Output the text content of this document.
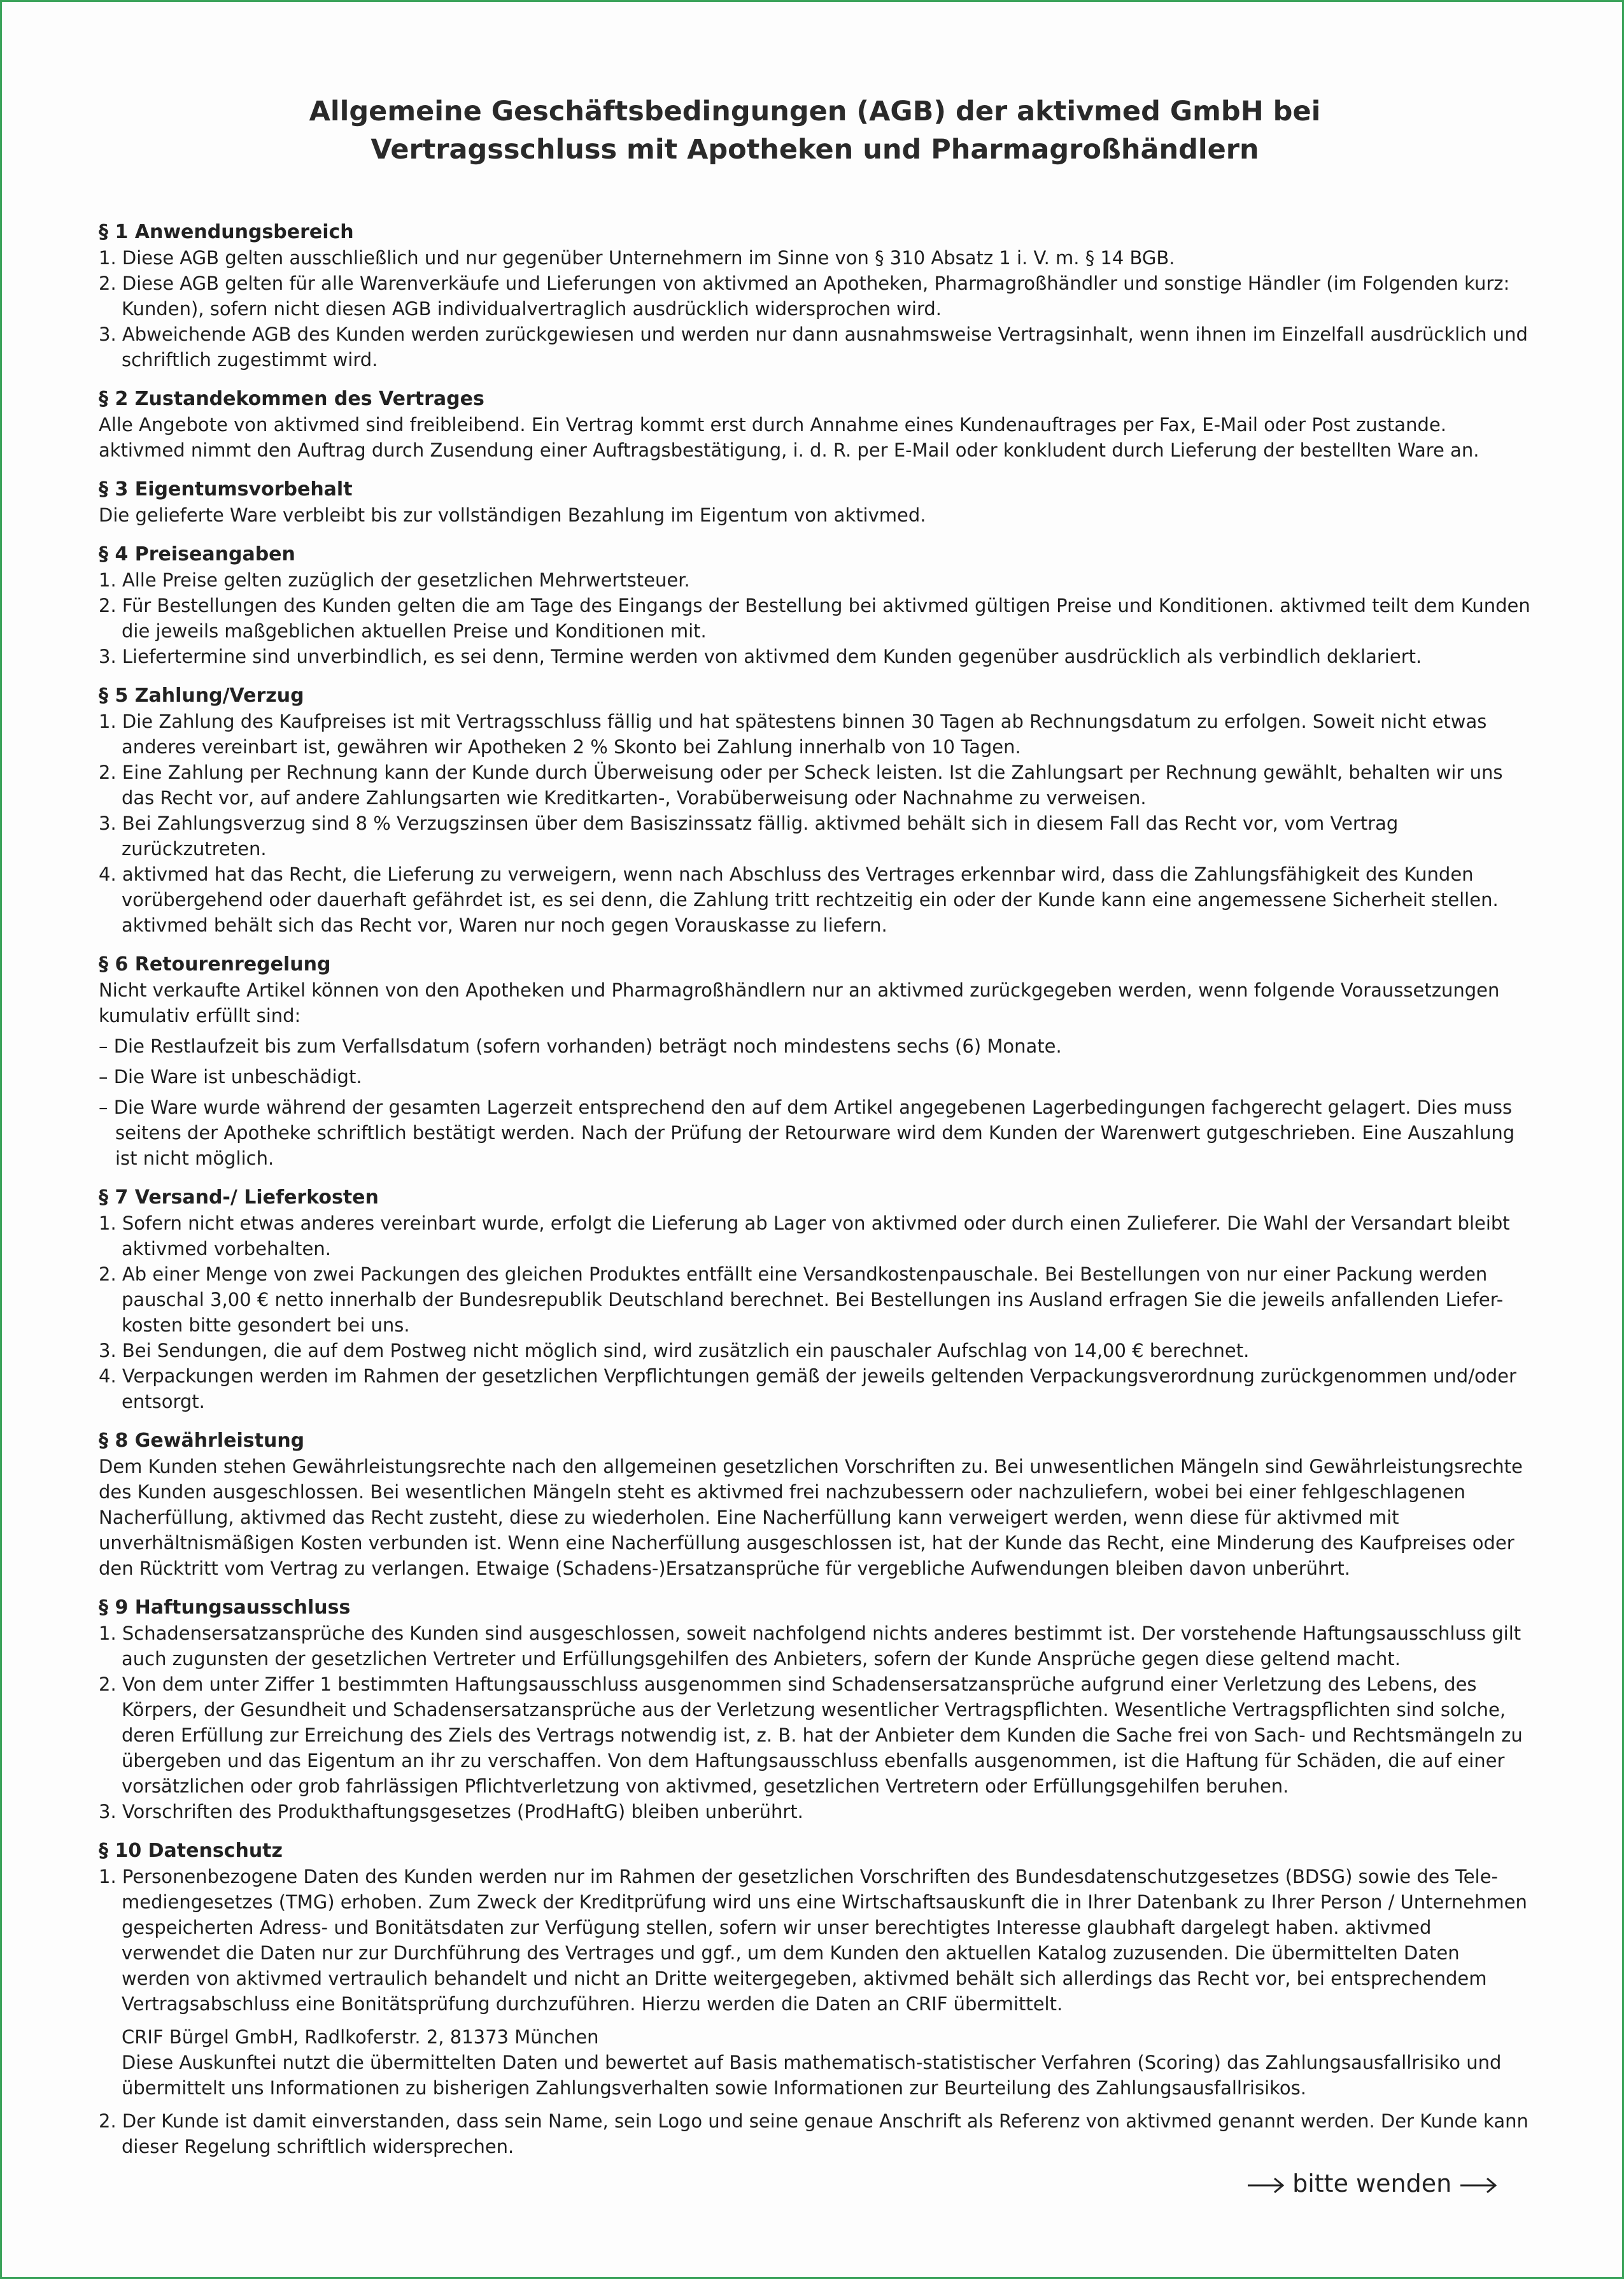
Allgemeine Geschäftsbedingungen (AGB) der aktivmed GmbH bei
Vertragsschluss mit Apotheken und Pharmagroßhändlern
§ 1 Anwendungsbereich
1. Diese AGB gelten ausschließlich und nur gegenüber Unternehmern im Sinne von § 310 Absatz 1 i. V. m. § 14 BGB.
2. Diese AGB gelten für alle Warenverkäufe und Lieferungen von aktivmed an Apotheken, Pharmagroßhändler und sonstige Händler (im Folgenden kurz: Kunden), sofern nicht diesen AGB individualvertraglich ausdrücklich widersprochen wird.
3. Abweichende AGB des Kunden werden zurückgewiesen und werden nur dann ausnahmsweise Vertragsinhalt, wenn ihnen im Einzelfall ausdrücklich und schriftlich zugestimmt wird.
§ 2 Zustandekommen des Vertrages

Alle Angebote von aktivmed sind freibleibend. Ein Vertrag kommt erst durch Annahme eines Kundenauftrages per Fax, E-Mail oder Post zustande. aktivmed nimmt den Auftrag durch Zusendung einer Auftragsbestätigung, i. d. R. per E-Mail oder konkludent durch Lieferung der bestellten Ware an.

§ 3 Eigentumsvorbehalt

Die gelieferte Ware verbleibt bis zur vollständigen Bezahlung im Eigentum von aktivmed.

§ 4 Preiseangaben
1. Alle Preise gelten zuzüglich der gesetzlichen Mehrwertsteuer.
2. Für Bestellungen des Kunden gelten die am Tage des Eingangs der Bestellung bei aktivmed gültigen Preise und Konditionen. aktivmed teilt dem Kunden die jeweils maßgeblichen aktuellen Preise und Konditionen mit.
3. Liefertermine sind unverbindlich, es sei denn, Termine werden von aktivmed dem Kunden gegenüber ausdrücklich als verbindlich deklariert.
§ 5 Zahlung/Verzug
1. Die Zahlung des Kaufpreises ist mit Vertragsschluss fällig und hat spätestens binnen 30 Tagen ab Rechnungsdatum zu erfolgen. Soweit nicht etwas anderes vereinbart ist, gewähren wir Apotheken 2 % Skonto bei Zahlung innerhalb von 10 Tagen.
2. Eine Zahlung per Rechnung kann der Kunde durch Überweisung oder per Scheck leisten. Ist die Zahlungsart per Rechnung gewählt, behalten wir uns das Recht vor, auf andere Zahlungsarten wie Kreditkarten-, Vorabüberweisung oder Nachnahme zu verweisen.
3. Bei Zahlungsverzug sind 8 % Verzugszinsen über dem Basiszinssatz fällig. aktivmed behält sich in diesem Fall das Recht vor, vom Vertrag zurückzutreten.
4. aktivmed hat das Recht, die Lieferung zu verweigern, wenn nach Abschluss des Vertrages erkennbar wird, dass die Zahlungsfähigkeit des Kunden vorübergehend oder dauerhaft gefährdet ist, es sei denn, die Zahlung tritt rechtzeitig ein oder der Kunde kann eine angemessene Sicherheit stellen. aktivmed behält sich das Recht vor, Waren nur noch gegen Vorauskasse zu liefern.
§ 6 Retourenregelung

Nicht verkaufte Artikel können von den Apotheken und Pharmagroßhändlern nur an aktivmed zurückgegeben werden, wenn folgende Voraussetzungen kumulativ erfüllt sind:

– Die Restlaufzeit bis zum Verfallsdatum (sofern vorhanden) beträgt noch mindestens sechs (6) Monate.
– Die Ware ist unbeschädigt.
– Die Ware wurde während der gesamten Lagerzeit entsprechend den auf dem Artikel angegebenen Lagerbedingungen fachgerecht gelagert. Dies muss seitens der Apotheke schriftlich bestätigt werden. Nach der Prüfung der Retourware wird dem Kunden der Warenwert gutgeschrieben. Eine Auszahlung ist nicht möglich.
§ 7 Versand-/ Lieferkosten
1. Sofern nicht etwas anderes vereinbart wurde, erfolgt die Lieferung ab Lager von aktivmed oder durch einen Zulieferer. Die Wahl der Versandart bleibt aktivmed vorbehalten.
2. Ab einer Menge von zwei Packungen des gleichen Produktes entfällt eine Versandkostenpauschale. Bei Bestellungen von nur einer Packung werden pauschal 3,00 € netto innerhalb der Bundesrepublik Deutschland berechnet. Bei Bestellungen ins Ausland erfragen Sie die jeweils anfallenden Liefer-kosten bitte gesondert bei uns.
3. Bei Sendungen, die auf dem Postweg nicht möglich sind, wird zusätzlich ein pauschaler Aufschlag von 14,00 € berechnet.
4. Verpackungen werden im Rahmen der gesetzlichen Verpflichtungen gemäß der jeweils geltenden Verpackungsverordnung zurückgenommen und/oder entsorgt.
§ 8 Gewährleistung

Dem Kunden stehen Gewährleistungsrechte nach den allgemeinen gesetzlichen Vorschriften zu. Bei unwesentlichen Mängeln sind Gewährleistungsrechte des Kunden ausgeschlossen. Bei wesentlichen Mängeln steht es aktivmed frei nachzubessern oder nachzuliefern, wobei bei einer fehlgeschlagenen Nacherfüllung, aktivmed das Recht zusteht, diese zu wiederholen. Eine Nacherfüllung kann verweigert werden, wenn diese für aktivmed mit unverhältnismäßigen Kosten verbunden ist. Wenn eine Nacherfüllung ausgeschlossen ist, hat der Kunde das Recht, eine Minderung des Kaufpreises oder den Rücktritt vom Vertrag zu verlangen. Etwaige (Schadens-)Ersatzansprüche für vergebliche Aufwendungen bleiben davon unberührt.

§ 9 Haftungsausschluss
1. Schadensersatzansprüche des Kunden sind ausgeschlossen, soweit nachfolgend nichts anderes bestimmt ist. Der vorstehende Haftungsausschluss gilt auch zugunsten der gesetzlichen Vertreter und Erfüllungsgehilfen des Anbieters, sofern der Kunde Ansprüche gegen diese geltend macht.
2. Von dem unter Ziffer 1 bestimmten Haftungsausschluss ausgenommen sind Schadensersatzansprüche aufgrund einer Verletzung des Lebens, des Körpers, der Gesundheit und Schadensersatzansprüche aus der Verletzung wesentlicher Vertragspflichten. Wesentliche Vertragspflichten sind solche, deren Erfüllung zur Erreichung des Ziels des Vertrags notwendig ist, z. B. hat der Anbieter dem Kunden die Sache frei von Sach- und Rechtsmängeln zu übergeben und das Eigentum an ihr zu verschaffen. Von dem Haftungsausschluss ebenfalls ausgenommen, ist die Haftung für Schäden, die auf einer vorsätzlichen oder grob fahrlässigen Pflichtverletzung von aktivmed, gesetzlichen Vertretern oder Erfüllungsgehilfen beruhen.
3. Vorschriften des Produkthaftungsgesetzes (ProdHaftG) bleiben unberührt.
§ 10 Datenschutz
1. Personenbezogene Daten des Kunden werden nur im Rahmen der gesetzlichen Vorschriften des Bundesdatenschutzgesetzes (BDSG) sowie des Tele-mediengesetzes (TMG) erhoben. Zum Zweck der Kreditprüfung wird uns eine Wirtschaftsauskunft die in Ihrer Datenbank zu Ihrer Person / Unternehmen gespeicherten Adress- und Bonitätsdaten zur Verfügung stellen, sofern wir unser berechtigtes Interesse glaubhaft dargelegt haben. aktivmed verwendet die Daten nur zur Durchführung des Vertrages und ggf., um dem Kunden den aktuellen Katalog zuzusenden. Die übermittelten Daten werden von aktivmed vertraulich behandelt und nicht an Dritte weitergegeben, aktivmed behält sich allerdings das Recht vor, bei entsprechendem Vertragsabschluss eine Bonitätsprüfung durchzuführen. Hierzu werden die Daten an CRIF übermittelt.
CRIF Bürgel GmbH, Radlkoferstr. 2, 81373 München
Diese Auskunftei nutzt die übermittelten Daten und bewertet auf Basis mathematisch-statistischer Verfahren (Scoring) das Zahlungsausfallrisiko und übermittelt uns Informationen zu bisherigen Zahlungsverhalten sowie Informationen zur Beurteilung des Zahlungsausfallrisikos.
2. Der Kunde ist damit einverstanden, dass sein Name, sein Logo und seine genaue Anschrift als Referenz von aktivmed genannt werden. Der Kunde kann dieser Regelung schriftlich widersprechen.
bitte wenden
